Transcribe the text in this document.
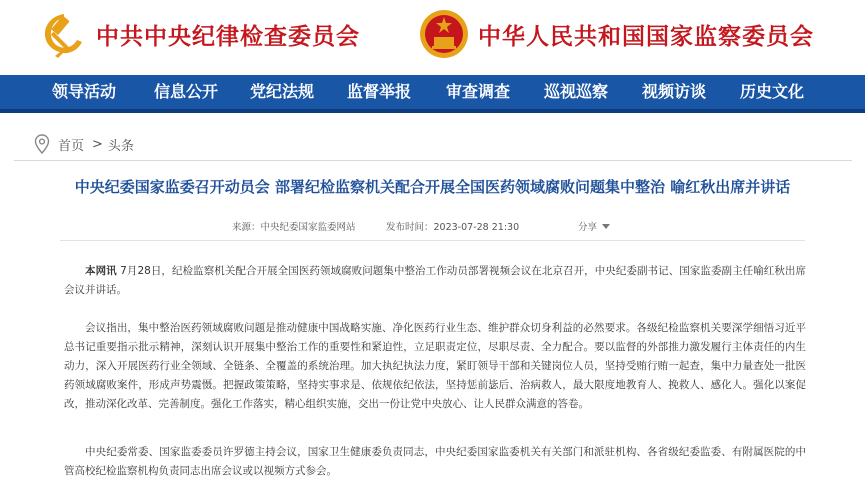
中共中央纪律检查委员会	中华人民共和国国家监察委员会
领导活动 信息公开 党纪法规 监督举报 审查调查 巡视巡察 视频访谈 历史文化
首页 > 头条
中央纪委国家监委召开动员会 部署纪检监察机关配合开展全国医药领域腐败问题集中整治 喻红秋出席并讲话
来源：中央纪委国家监委网站	发布时间：2023-07-28 21:30	分享

本网讯 7月28日，纪检监察机关配合开展全国医药领域腐败问题集中整治工作动员部署视频会议在北京召开，中央纪委副书记、国家监委副主任喻红秋出席会议并讲话。

会议指出，集中整治医药领域腐败问题是推动健康中国战略实施、净化医药行业生态、维护群众切身利益的必然要求。各级纪检监察机关要深学细悟习近平总书记重要指示批示精神，深刻认识开展集中整治工作的重要性和紧迫性，立足职责定位，尽职尽责、全力配合。要以监督的外部推力激发履行主体责任的内生动力，深入开展医药行业全领域、全链条、全覆盖的系统治理。加大执纪执法力度，紧盯领导干部和关键岗位人员，坚持受贿行贿一起查，集中力量查处一批医药领域腐败案件，形成声势震慑。把握政策策略，坚持实事求是、依规依纪依法，坚持惩前毖后、治病救人，最大限度地教育人、挽救人、感化人。强化以案促改，推动深化改革、完善制度。强化工作落实，精心组织实施，交出一份让党中央放心、让人民群众满意的答卷。

中央纪委常委、国家监委委员许罗德主持会议，国家卫生健康委负责同志，中央纪委国家监委机关有关部门和派驻机构、各省级纪委监委、有附属医院的中管高校纪检监察机构负责同志出席会议或以视频方式参会。
